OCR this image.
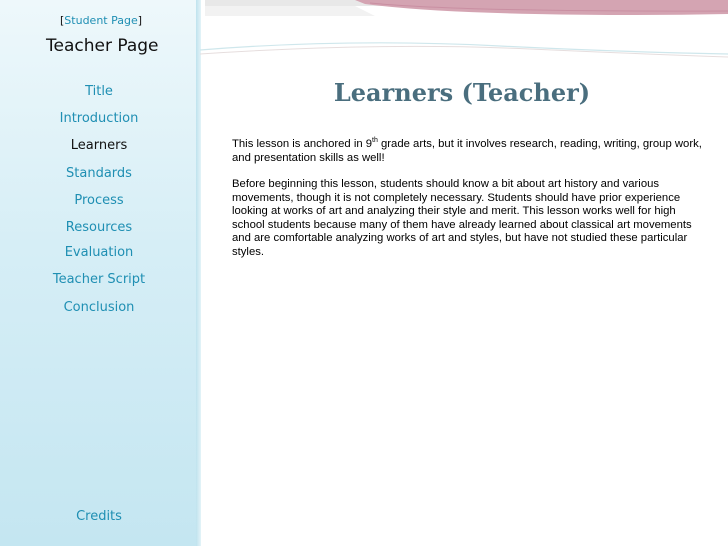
[Student Page]
Teacher Page
Title
Introduction
Learners
Standards
Process
Resources
Evaluation
Teacher Script
Conclusion
Credits
Learners (Teacher)
This lesson is anchored in 9th grade arts, but it involves research, reading, writing, group work, and presentation skills as well!
Before beginning this lesson, students should know a bit about art history and various movements, though it is not completely necessary. Students should have prior experience looking at works of art and analyzing their style and merit. This lesson works well for high school students because many of them have already learned about classical art movements and are comfortable analyzing works of art and styles, but have not studied these particular styles.
